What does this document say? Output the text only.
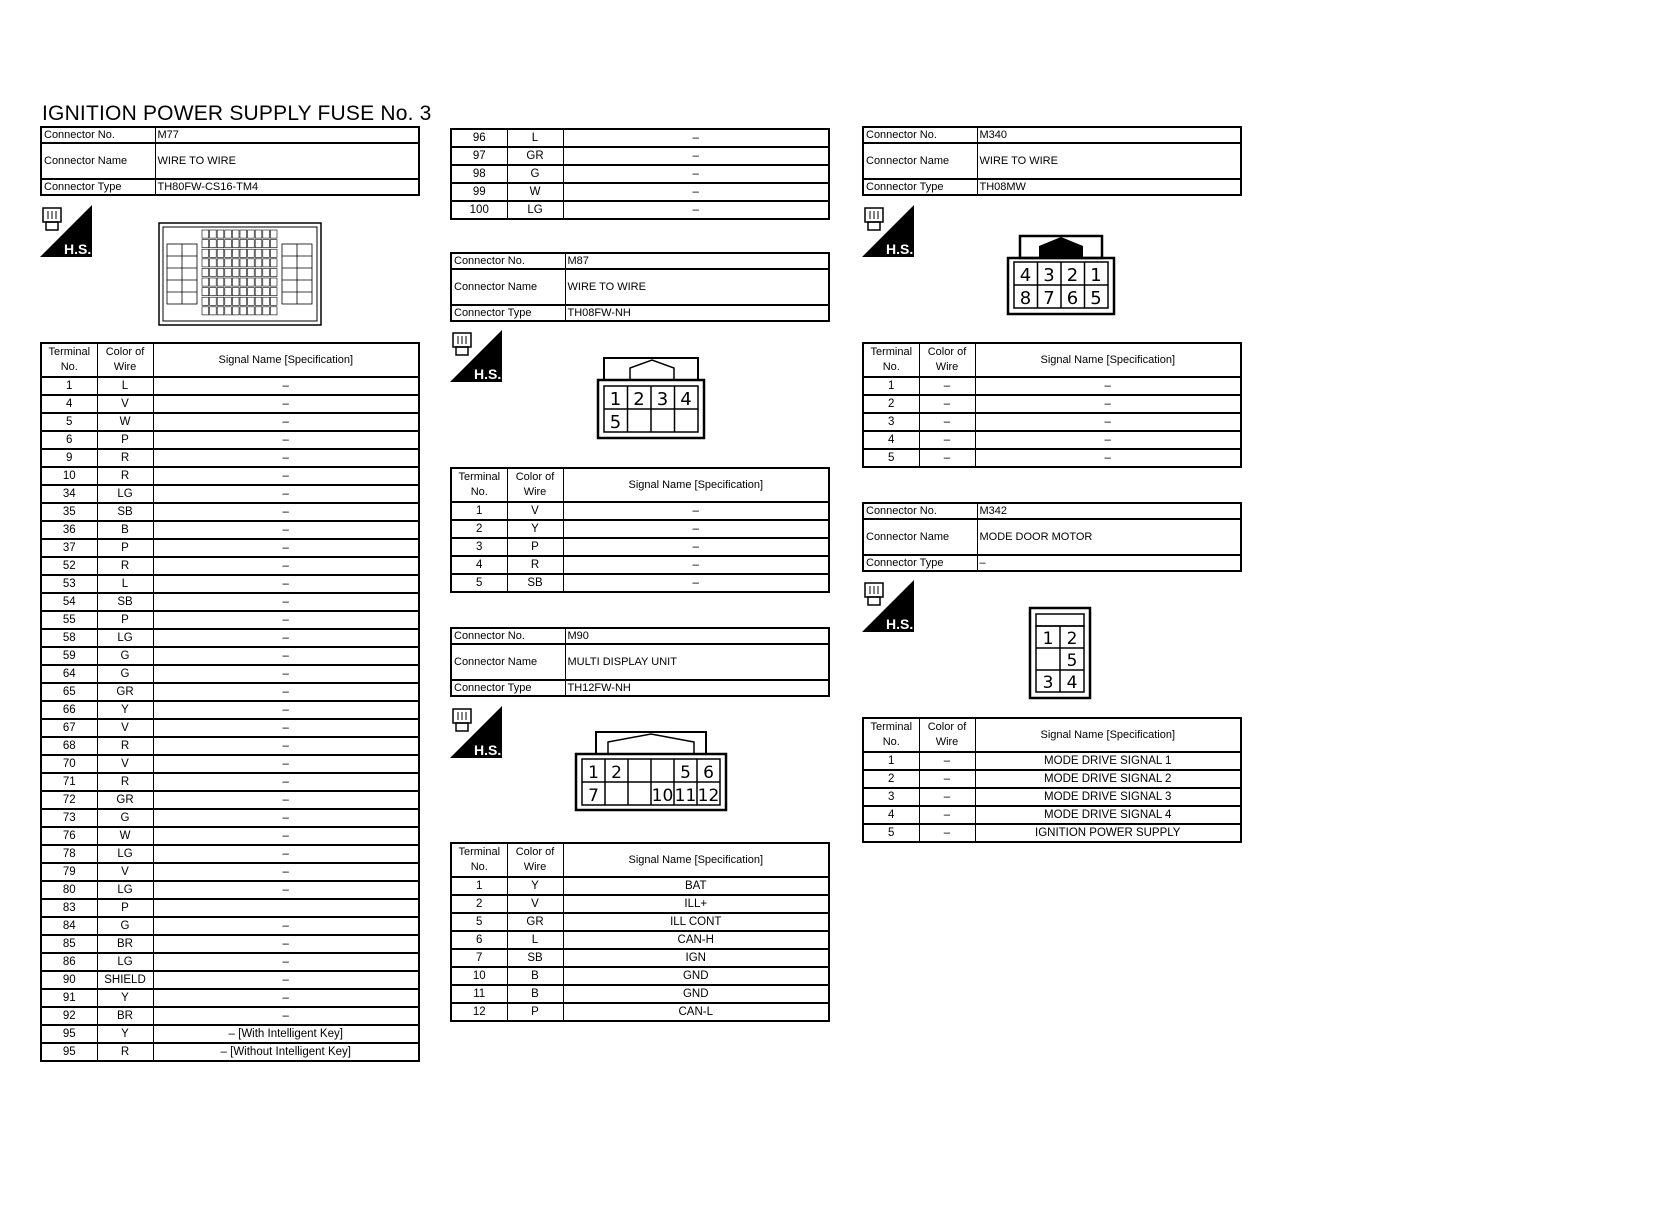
IGNITION POWER SUPPLY FUSE No. 3
Connector No.	M77
Connector Name	WIRE TO WIRE
Connector Type	TH80FW-CS16-TM4
H.S.
Terminal No.	Color of Wire	Signal Name [Specification]
1	L	–
4	V	–
5	W	–
6	P	–
9	R	–
10	R	–
34	LG	–
35	SB	–
36	B	–
37	P	–
52	R	–
53	L	–
54	SB	–
55	P	–
58	LG	–
59	G	–
64	G	–
65	GR	–
66	Y	–
67	V	–
68	R	–
70	V	–
71	R	–
72	GR	–
73	G	–
76	W	–
78	LG	–
79	V	–
80	LG	–
83	P	
84	G	–
85	BR	–
86	LG	–
90	SHIELD	–
91	Y	–
92	BR	–
95	Y	– [With Intelligent Key]
95	R	– [Without Intelligent Key]
96	L	–
97	GR	–
98	G	–
99	W	–
100	LG	–
Connector No.	M87
Connector Name	WIRE TO WIRE
Connector Type	TH08FW-NH
H.S.
1 2 3 4
5
Terminal No.	Color of Wire	Signal Name [Specification]
1	V	–
2	Y	–
3	P	–
4	R	–
5	SB	–
Connector No.	M90
Connector Name	MULTI DISPLAY UNIT
Connector Type	TH12FW-NH
H.S.
1 2	5 6
7	10 11 12
Terminal No.	Color of Wire	Signal Name [Specification]
1	Y	BAT
2	V	ILL+
5	GR	ILL CONT
6	L	CAN-H
7	SB	IGN
10	B	GND
11	B	GND
12	P	CAN-L
Connector No.	M340
Connector Name	WIRE TO WIRE
Connector Type	TH08MW
H.S.
4 3 2 1
8 7 6 5
Terminal No.	Color of Wire	Signal Name [Specification]
1	–	–
2	–	–
3	–	–
4	–	–
5	–	–
Connector No.	M342
Connector Name	MODE DOOR MOTOR
Connector Type	–
H.S.
1 2
5
3 4
Terminal No.	Color of Wire	Signal Name [Specification]
1	–	MODE DRIVE SIGNAL 1
2	–	MODE DRIVE SIGNAL 2
3	–	MODE DRIVE SIGNAL 3
4	–	MODE DRIVE SIGNAL 4
5	–	IGNITION POWER SUPPLY
